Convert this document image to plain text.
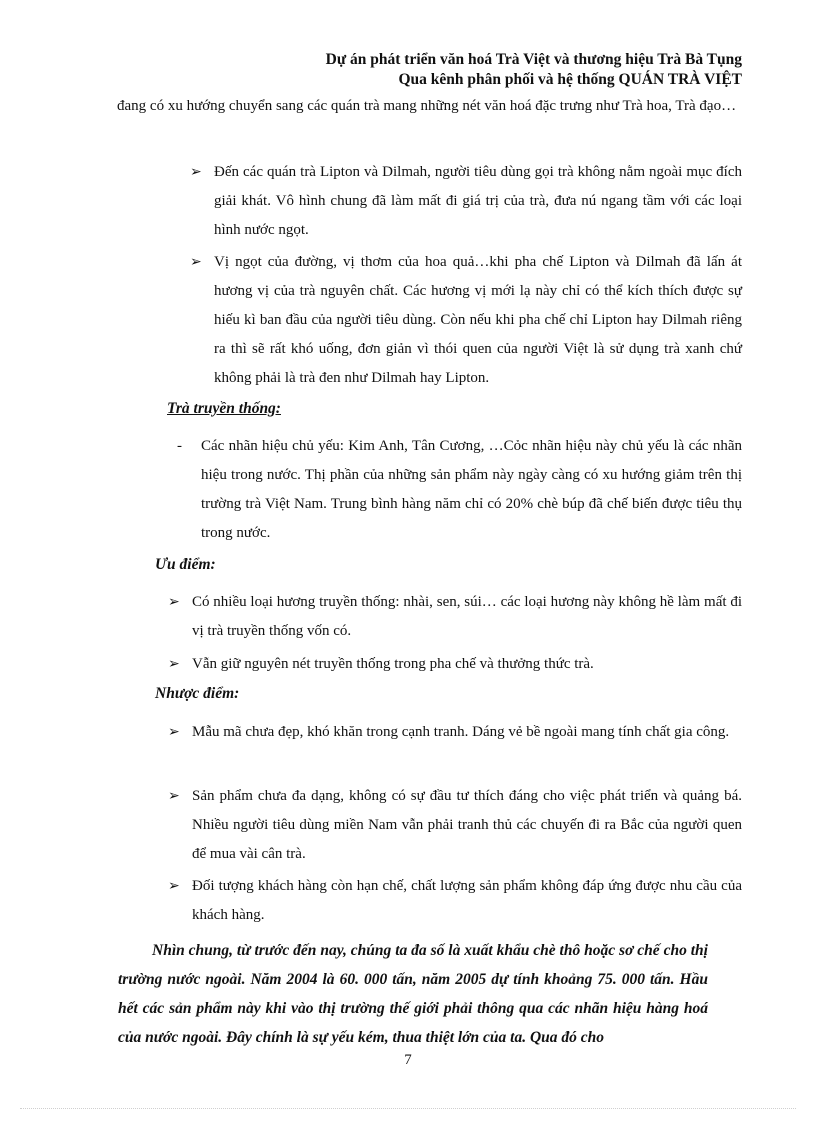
Dự án phát triển văn hoá Trà Việt và thương hiệu Trà Bà Tụng
Qua kênh phân phối và hệ thống QUÁN TRÀ VIỆT
đang có xu hướng chuyển sang các quán trà mang những nét văn hoá đặc trưng như Trà hoa, Trà đạo…
➢ Đến các quán trà Lipton và Dilmah, người tiêu dùng gọi trà không nằm ngoài mục đích giải khát. Vô hình chung đã làm mất đi giá trị của trà, đưa nú ngang tầm với các loại hình nước ngọt.
➢ Vị ngọt của đường, vị thơm của hoa quả…khi pha chế Lipton và Dilmah đã lấn át hương vị của trà nguyên chất. Các hương vị mới lạ này chỉ có thể kích thích được sự hiếu kì ban đầu của người tiêu dùng. Còn nếu khi pha chế chỉ Lipton hay Dilmah riêng ra thì sẽ rất khó uống, đơn giản vì thói quen của người Việt là sử dụng trà xanh chứ không phải là trà đen như Dilmah hay Lipton.
Trà truyền thống:
-	Các nhãn hiệu chủ yếu: Kim Anh, Tân Cương, …Cỏc nhãn hiệu này chủ yếu là các nhãn hiệu trong nước. Thị phần của những sản phẩm này ngày càng có xu hướng giảm trên thị trường trà Việt Nam. Trung bình hàng năm chỉ có 20% chè búp đã chế biến được tiêu thụ trong nước.
Ưu điểm:
➢ Có nhiều loại hương truyền thống: nhài, sen, súi… các loại hương này không hề làm mất đi vị trà truyền thống vốn có.
➢ Vẫn giữ nguyên nét truyền thống trong pha chế và thưởng thức trà.
Nhược điểm:
➢ Mẫu mã chưa đẹp, khó khăn trong cạnh tranh. Dáng vẻ bề ngoài mang tính chất gia công.
➢ Sản phẩm chưa đa dạng, không có sự đầu tư thích đáng cho việc phát triển và quảng bá. Nhiều người tiêu dùng miền Nam vẫn phải tranh thủ các chuyến đi ra Bắc của người quen để mua vài cân trà.
➢ Đối tượng khách hàng còn hạn chế, chất lượng sản phẩm không đáp ứng được nhu cầu của khách hàng.
Nhìn chung, từ trước đến nay, chúng ta đa số là xuất khẩu chè thô hoặc sơ chế cho thị trường nước ngoài. Năm 2004 là 60. 000 tấn, năm 2005 dự tính khoảng 75. 000 tấn. Hầu hết các sản phẩm này khi vào thị trường thế giới phải thông qua các nhãn hiệu hàng hoá của nước ngoài. Đây chính là sự yếu kém, thua thiệt lớn của ta. Qua đó cho
7
